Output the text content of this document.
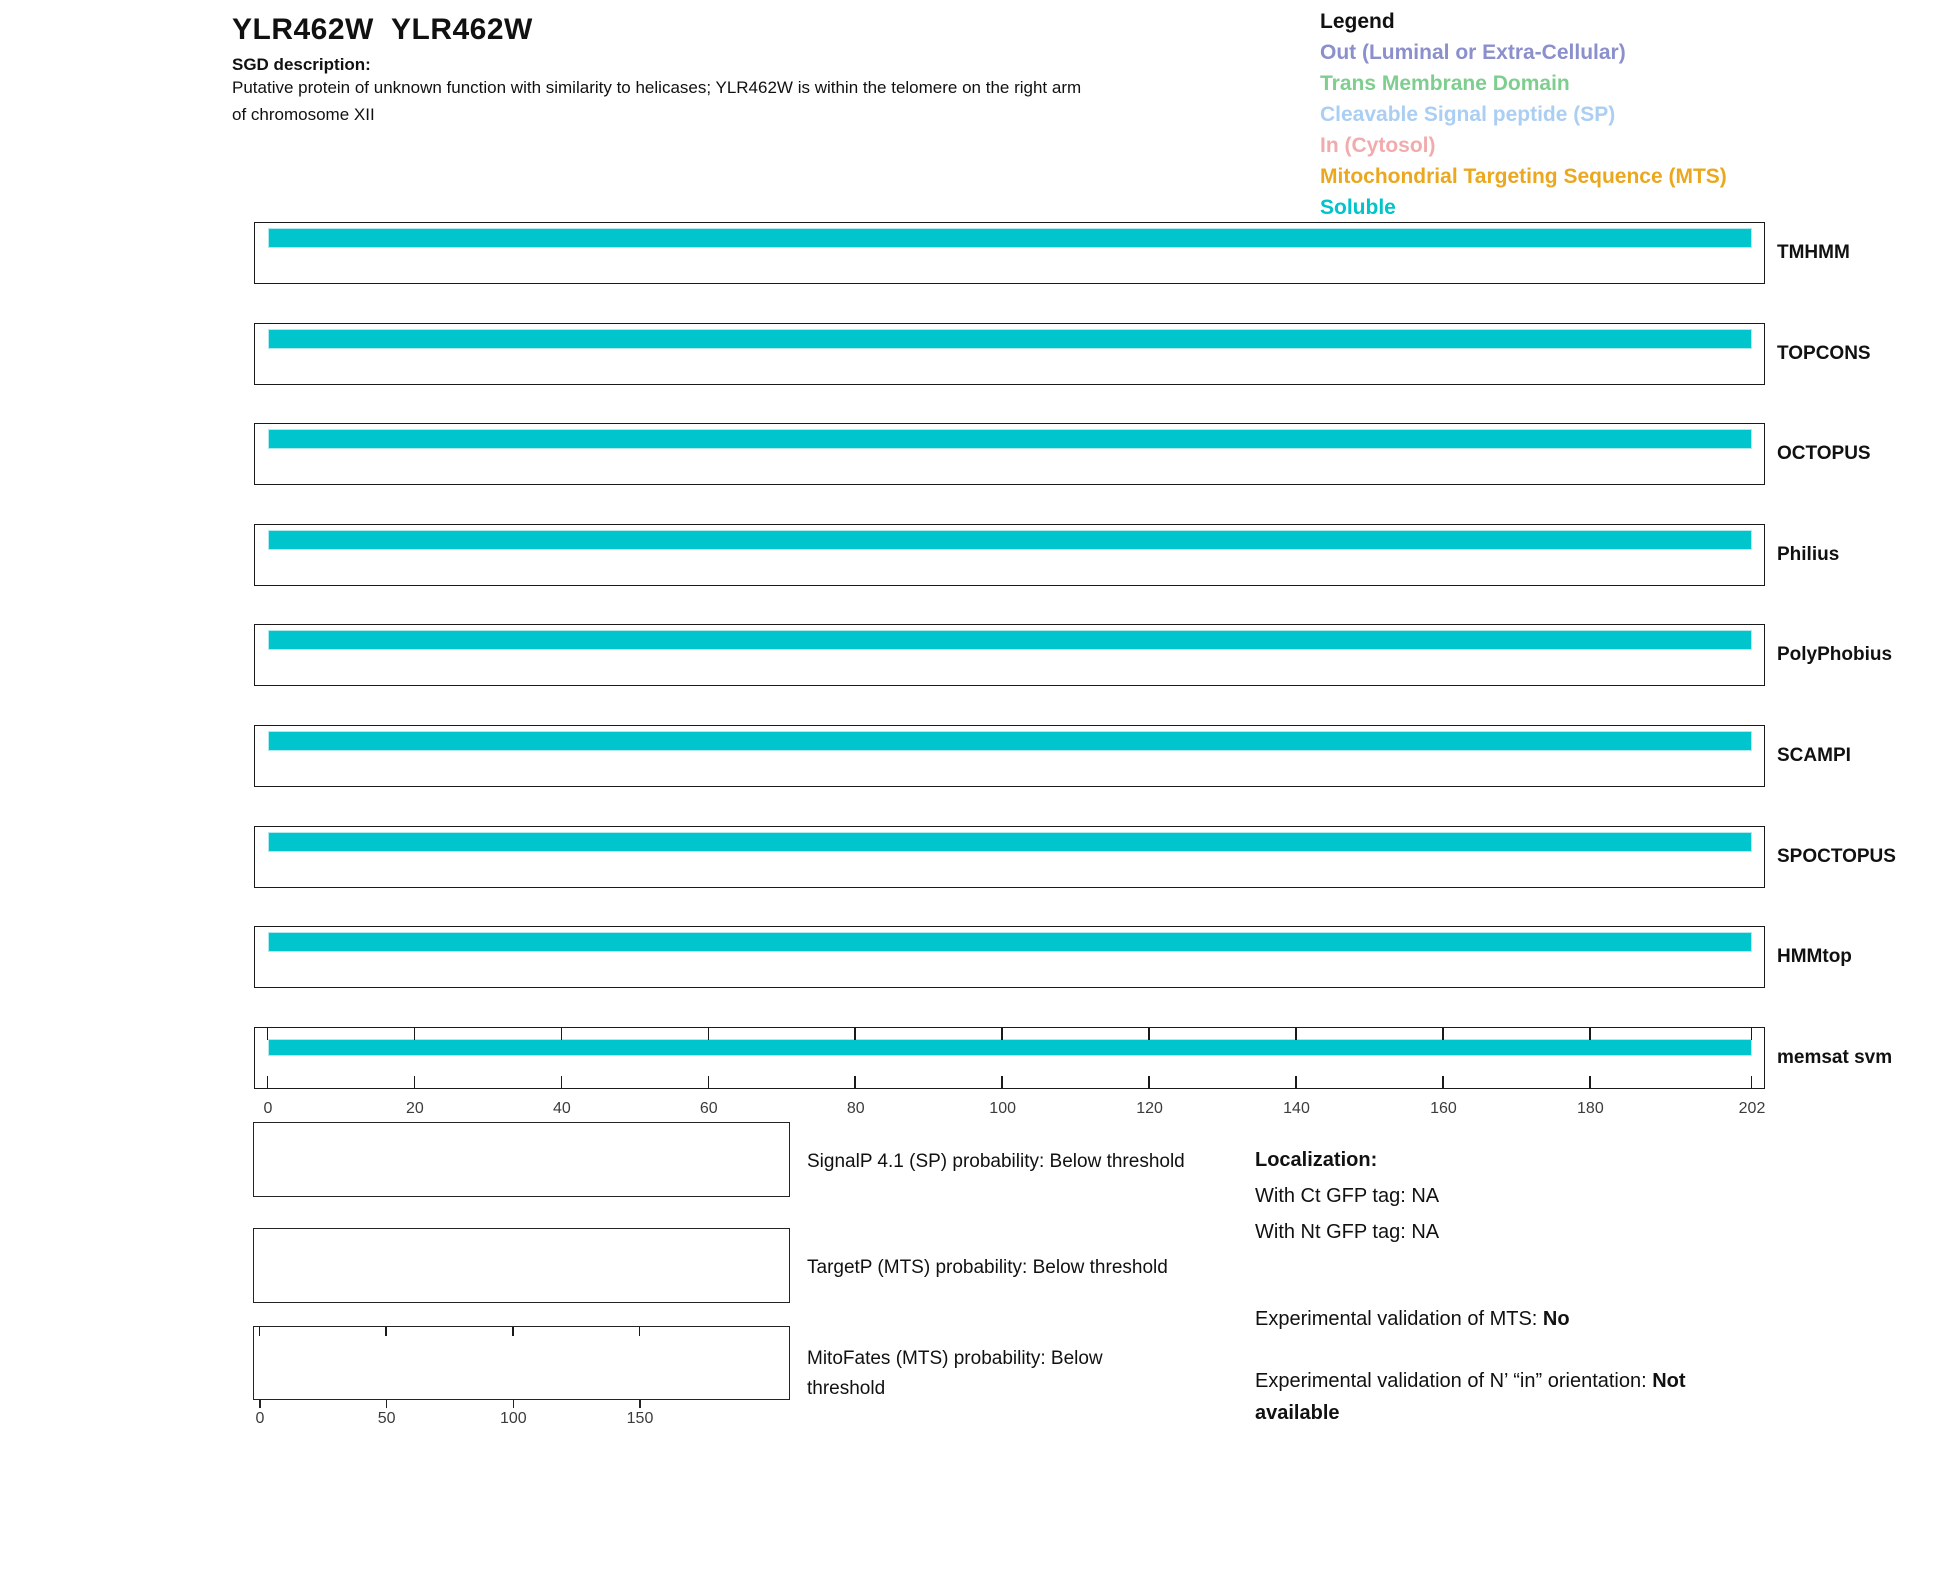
YLR462W  YLR462W
SGD description:
Putative protein of unknown function with similarity to helicases; YLR462W is within the telomere on the right arm of chromosome XII
Legend
Out (Luminal or Extra-Cellular)
Trans Membrane Domain
Cleavable Signal peptide (SP)
In (Cytosol)
Mitochondrial Targeting Sequence (MTS)
Soluble
TMHMM
TOPCONS
OCTOPUS
Philius
PolyPhobius
SCAMPI
SPOCTOPUS
HMMtop
memsat svm
0	20	40	60	80	100	120	140	160	180	202
SignalP 4.1 (SP) probability: Below threshold
TargetP (MTS) probability: Below threshold
MitoFates (MTS) probability: Below threshold
0	50	100	150
Localization:
With Ct GFP tag: NA
With Nt GFP tag: NA
Experimental validation of MTS: No
Experimental validation of N’ “in” orientation: Not available
